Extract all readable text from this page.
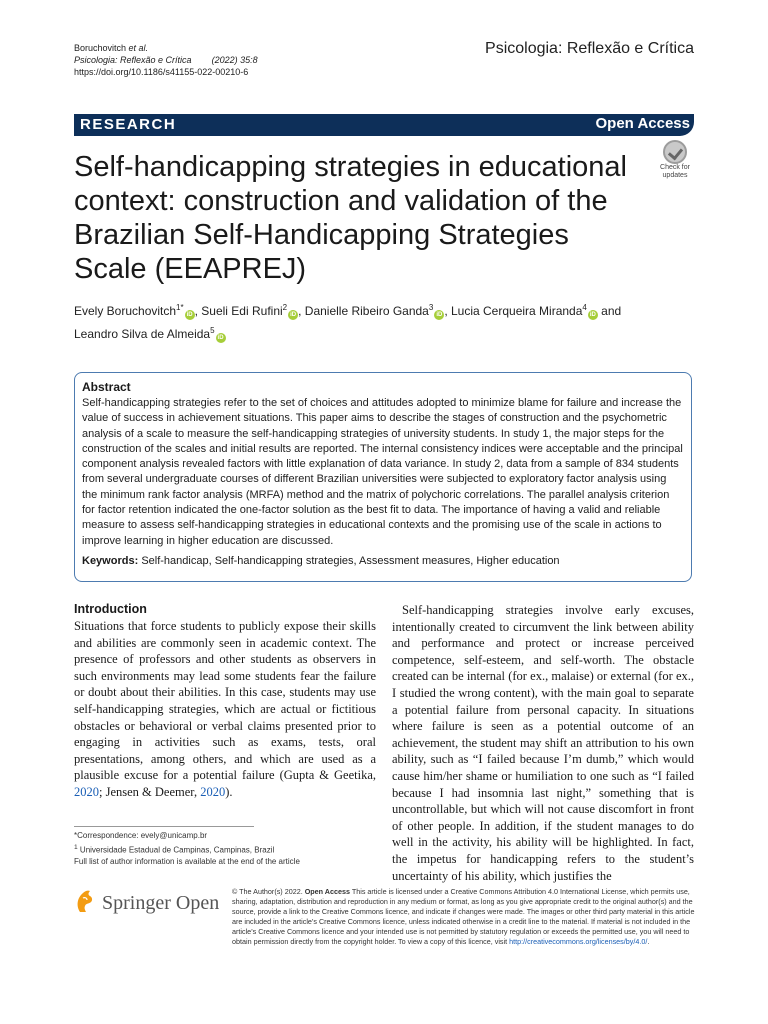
Boruchovitch et al.
Psicologia: Reflexão e Crítica (2022) 35:8
https://doi.org/10.1186/s41155-022-00210-6
Psicologia: Reflexão e Crítica
RESEARCH	Open Access
Self-handicapping strategies in educational context: construction and validation of the Brazilian Self-Handicapping Strategies Scale (EEAPREJ)
Check for
updates
Evely Boruchovitch$^{1*}$iD , Sueli Edi Rufini$^2$iD , Danielle Ribeiro Ganda$^3$iD , Lucia Cerqueira Miranda$^4$iD and
Leandro Silva de Almeida$^5$iD
Abstract
Self-handicapping strategies refer to the set of choices and attitudes adopted to minimize blame for failure and increase the value of success in achievement situations. This paper aims to describe the stages of construction and the psychometric analysis of a scale to measure the self-handicapping strategies of university students. In study 1, the major steps for the construction of the scales and initial results are reported. The internal consistency indices were acceptable and the principal component analysis revealed factors with little explanation of data variance. In study 2, data from a sample of 834 students from several undergraduate courses of different Brazilian universities were subjected to exploratory factor analysis using the minimum rank factor analysis (MRFA) method and the matrix of polychoric correlations. The parallel analysis criterion for factor retention indicated the one-factor solution as the best fit to data. The importance of having a valid and reliable measure to assess self-handicapping strategies in educational contexts and the promising use of the scale in actions to improve learning in higher education are discussed.
Keywords: Self-handicap, Self-handicapping strategies, Assessment measures, Higher education
Introduction
Situations that force students to publicly expose their skills and abilities are commonly seen in academic context. The presence of professors and other students as observers in such environments may lead some students fear the failure or doubt about their abilities. In this case, students may use self-handicapping strategies, which are actual or fictitious obstacles or behavioral or verbal claims presented prior to engaging in activities such as exams, tests, oral presentations, among others, and which are used as a plausible excuse for a potential failure (Gupta & Geetika, 2020; Jensen & Deemer, 2020).
Self-handicapping strategies involve early excuses, intentionally created to circumvent the link between ability and performance and protect or increase perceived competence, self-esteem, and self-worth. The obstacle created can be internal (for ex., malaise) or external (for ex., I studied the wrong content), with the main goal to separate a potential failure from personal capacity. In situations where failure is seen as a potential outcome of an achievement, the student may shift an attribution to his own ability, such as “I failed because I’m dumb,” which would cause him/her shame or humiliation to one such as “I failed because I had insomnia last night,” something that is uncontrollable, but which will not cause discomfort in front of other people. In addition, if the student manages to do well in the activity, his ability will be highlighted. In fact, the impetus for handicapping refers to the student’s uncertainty of his ability, which justifies the
*Correspondence: evely@unicamp.br
$^1$ Universidade Estadual de Campinas, Campinas, Brazil
Full list of author information is available at the end of the article
Springer Open
© The Author(s) 2022. Open Access This article is licensed under a Creative Commons Attribution 4.0 International License, which permits use, sharing, adaptation, distribution and reproduction in any medium or format, as long as you give appropriate credit to the original author(s) and the source, provide a link to the Creative Commons licence, and indicate if changes were made. The images or other third party material in this article are included in the article’s Creative Commons licence, unless indicated otherwise in a credit line to the material. If material is not included in the article’s Creative Commons licence and your intended use is not permitted by statutory regulation or exceeds the permitted use, you will need to obtain permission directly from the copyright holder. To view a copy of this licence, visit http://creativecommons.org/licenses/by/4.0/.
